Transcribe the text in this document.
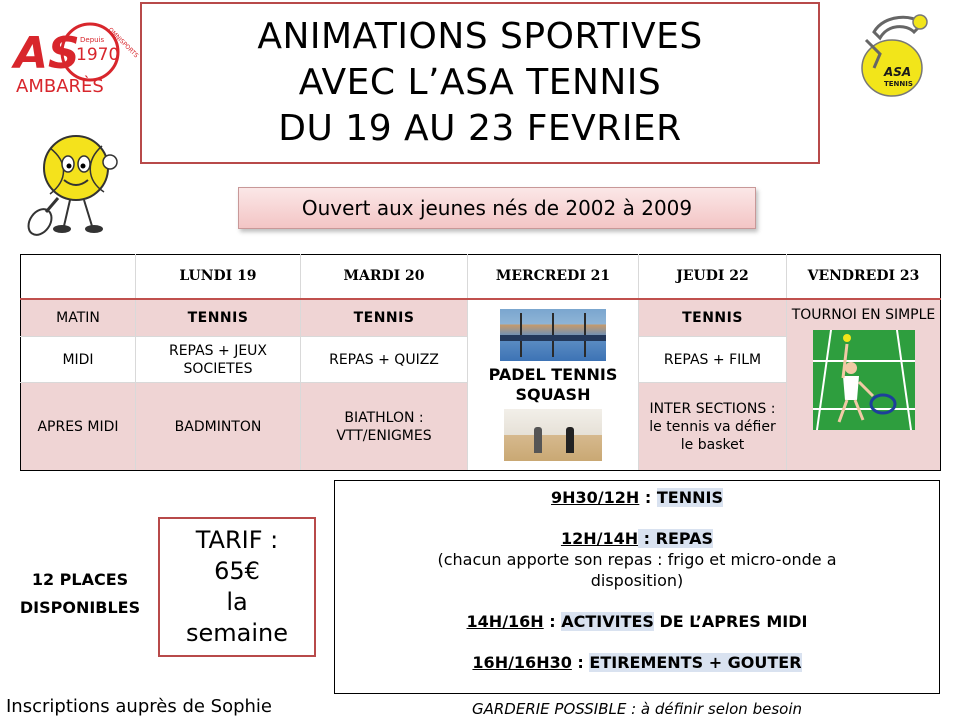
AS Depuis
1970
OMNISPORTS
AMBARÈS
ANIMATIONS SPORTIVES
AVEC L’ASA TENNIS
DU 19 AU 23 FEVRIER
ASA
TENNIS
Ouvert aux jeunes nés de 2002 à 2009
	LUNDI 19	MARDI 20	MERCREDI 21	JEUDI 22	VENDREDI 23
MATIN	TENNIS	TENNIS	PADEL TENNIS SQUASH	TENNIS	TOURNOI EN SIMPLE

MIDI	REPAS + JEUX SOCIETES	REPAS + QUIZZ		REPAS + FILM	
APRES MIDI	BADMINTON	BIATHLON : VTT/ENIGMES		INTER SECTIONS : le tennis va défier le basket	
12 PLACES
DISPONIBLES
TARIF :
65€
la
semaine
Inscriptions auprès de Sophie
9H30/12H : TENNIS
12H/14H : REPAS
(chacun apporte son repas : frigo et micro-onde a disposition)
14H/16H : ACTIVITES DE L’APRES MIDI
16H/16H30 : ETIREMENTS + GOUTER
GARDERIE POSSIBLE : à définir selon besoin
